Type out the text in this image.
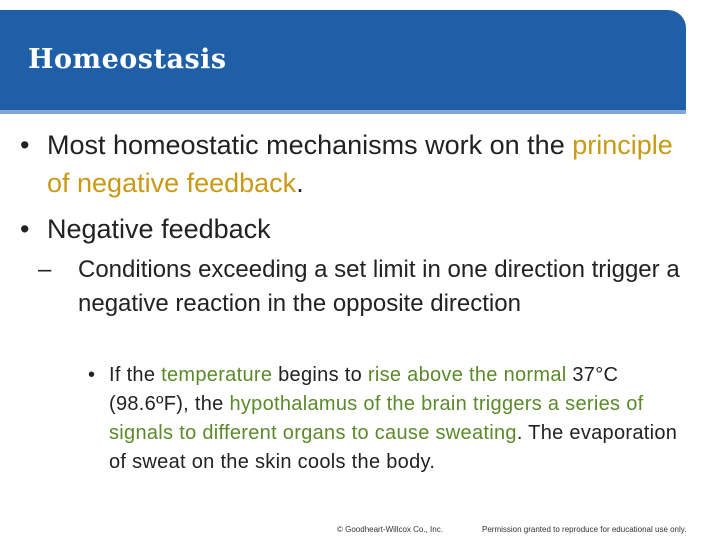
Homeostasis
• Most homeostatic mechanisms work on the principle of negative feedback.
• Negative feedback
– Conditions exceeding a set limit in one direction trigger a negative reaction in the opposite direction
• If the temperature begins to rise above the normal 37°C (98.6ºF), the hypothalamus of the brain triggers a series of signals to different organs to cause sweating. The evaporation of sweat on the skin cools the body.
© Goodheart-Willcox Co., Inc.	Permission granted to reproduce for educational use only.
